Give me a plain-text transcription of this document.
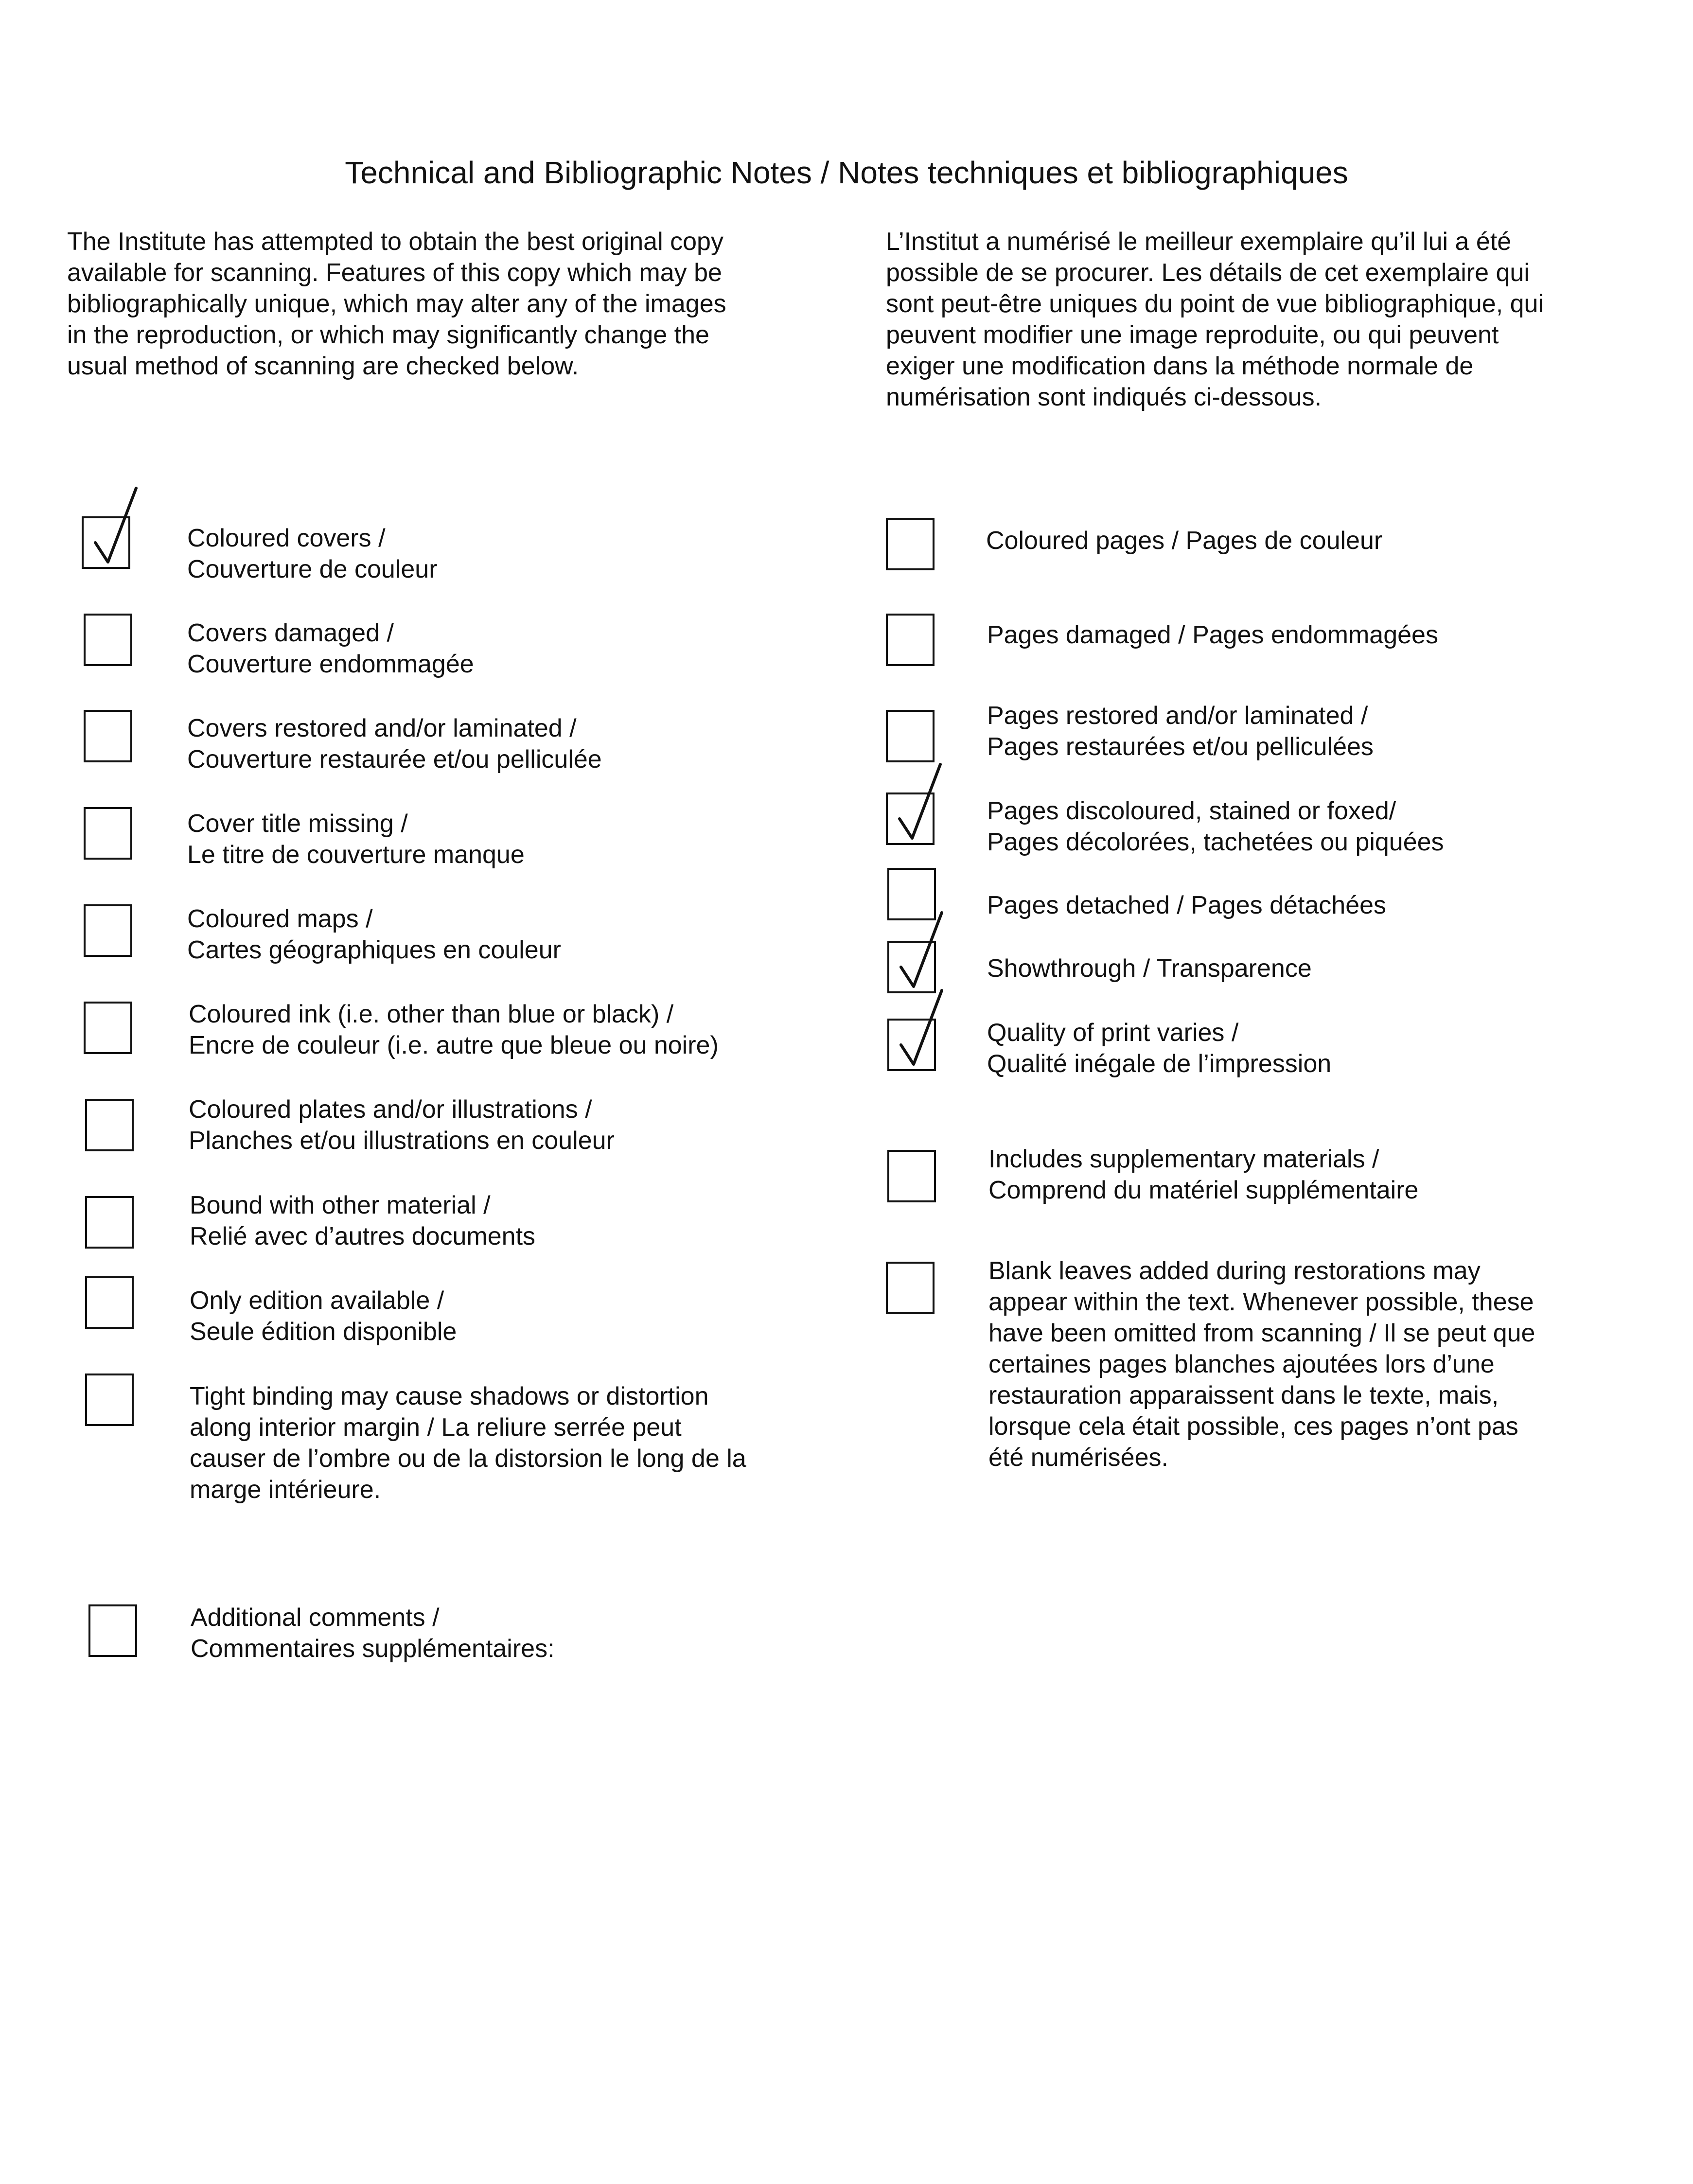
Technical and Bibliographic Notes / Notes techniques et bibliographiques
The Institute has attempted to obtain the best original copy
available for scanning. Features of this copy which may be
bibliographically unique, which may alter any of the images
in the reproduction, or which may significantly change the
usual method of scanning are checked below.
L’Institut a numérisé le meilleur exemplaire qu’il lui a été
possible de se procurer. Les détails de cet exemplaire qui
sont peut-être uniques du point de vue bibliographique, qui
peuvent modifier une image reproduite, ou qui peuvent
exiger une modification dans la méthode normale de
numérisation sont indiqués ci-dessous.
Coloured covers /
Couverture de couleur
Covers damaged /
Couverture endommagée
Covers restored and/or laminated /
Couverture restaurée et/ou pelliculée
Cover title missing /
Le titre de couverture manque
Coloured maps /
Cartes géographiques en couleur
Coloured ink (i.e. other than blue or black) /
Encre de couleur (i.e. autre que bleue ou noire)
Coloured plates and/or illustrations /
Planches et/ou illustrations en couleur
Bound with other material /
Relié avec d’autres documents
Only edition available /
Seule édition disponible
Tight binding may cause shadows or distortion
along interior margin / La reliure serrée peut
causer de l’ombre ou de la distorsion le long de la
marge intérieure.
Additional comments /
Commentaires supplémentaires:
Coloured pages / Pages de couleur
Pages damaged / Pages endommagées
Pages restored and/or laminated /
Pages restaurées et/ou pelliculées
Pages discoloured, stained or foxed/
Pages décolorées, tachetées ou piquées
Pages detached / Pages détachées
Showthrough / Transparence
Quality of print varies /
Qualité inégale de l’impression
Includes supplementary materials /
Comprend du matériel supplémentaire
Blank leaves added during restorations may
appear within the text. Whenever possible, these
have been omitted from scanning / Il se peut que
certaines pages blanches ajoutées lors d’une
restauration apparaissent dans le texte, mais,
lorsque cela était possible, ces pages n’ont pas
été numérisées.
